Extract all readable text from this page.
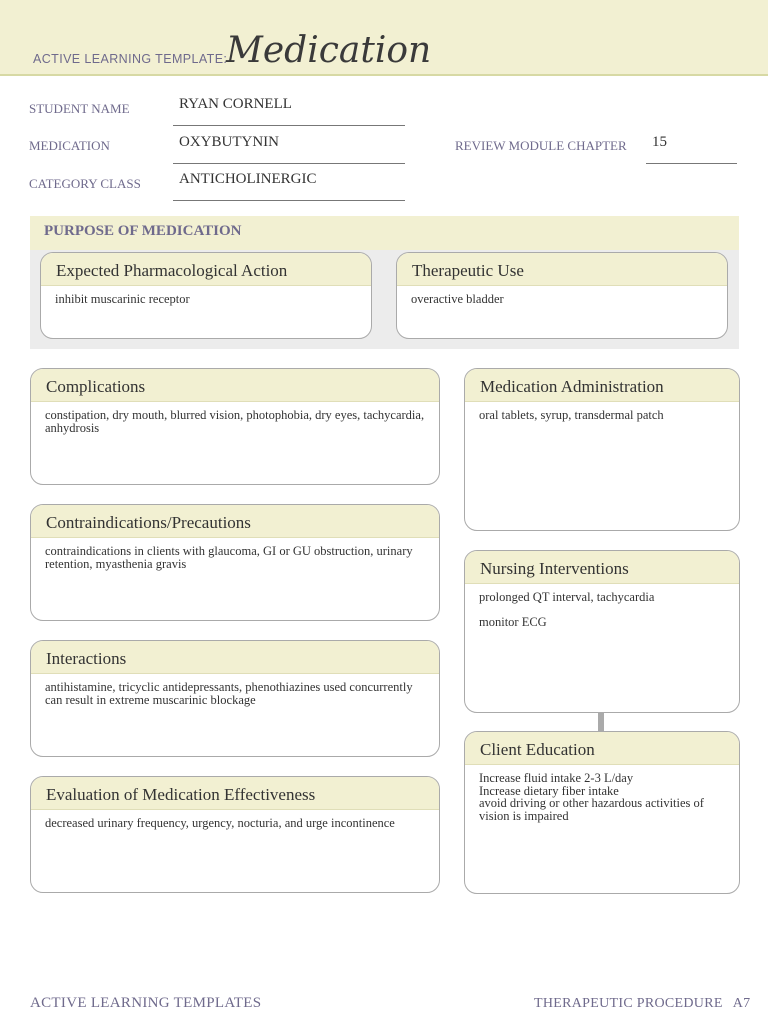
ACTIVE LEARNING TEMPLATE:
Medication
STUDENT NAME	RYAN CORNELL
MEDICATION	OXYBUTYNIN	REVIEW MODULE CHAPTER 15
CATEGORY CLASS	ANTICHOLINERGIC
PURPOSE OF MEDICATION
Expected Pharmacological Action
inhibit muscarinic receptor
Therapeutic Use
overactive bladder
Complications
constipation, dry mouth, blurred vision, photophobia, dry eyes, tachycardia, anhydrosis
Contraindications/Precautions
contraindications in clients with glaucoma, GI or GU obstruction, urinary retention, myasthenia gravis
Interactions
antihistamine, tricyclic antidepressants, phenothiazines used concurrently can result in extreme muscarinic blockage
Evaluation of Medication Effectiveness
decreased urinary frequency, urgency, nocturia, and urge incontinence
Medication Administration
oral tablets, syrup, transdermal patch
Nursing Interventions

prolonged QT interval, tachycardia

monitor ECG

Client Education
Increase fluid intake 2-3 L/day
Increase dietary fiber intake
avoid driving or other hazardous activities of vision is impaired
ACTIVE LEARNING TEMPLATES	THERAPEUTIC PROCEDURE A7
